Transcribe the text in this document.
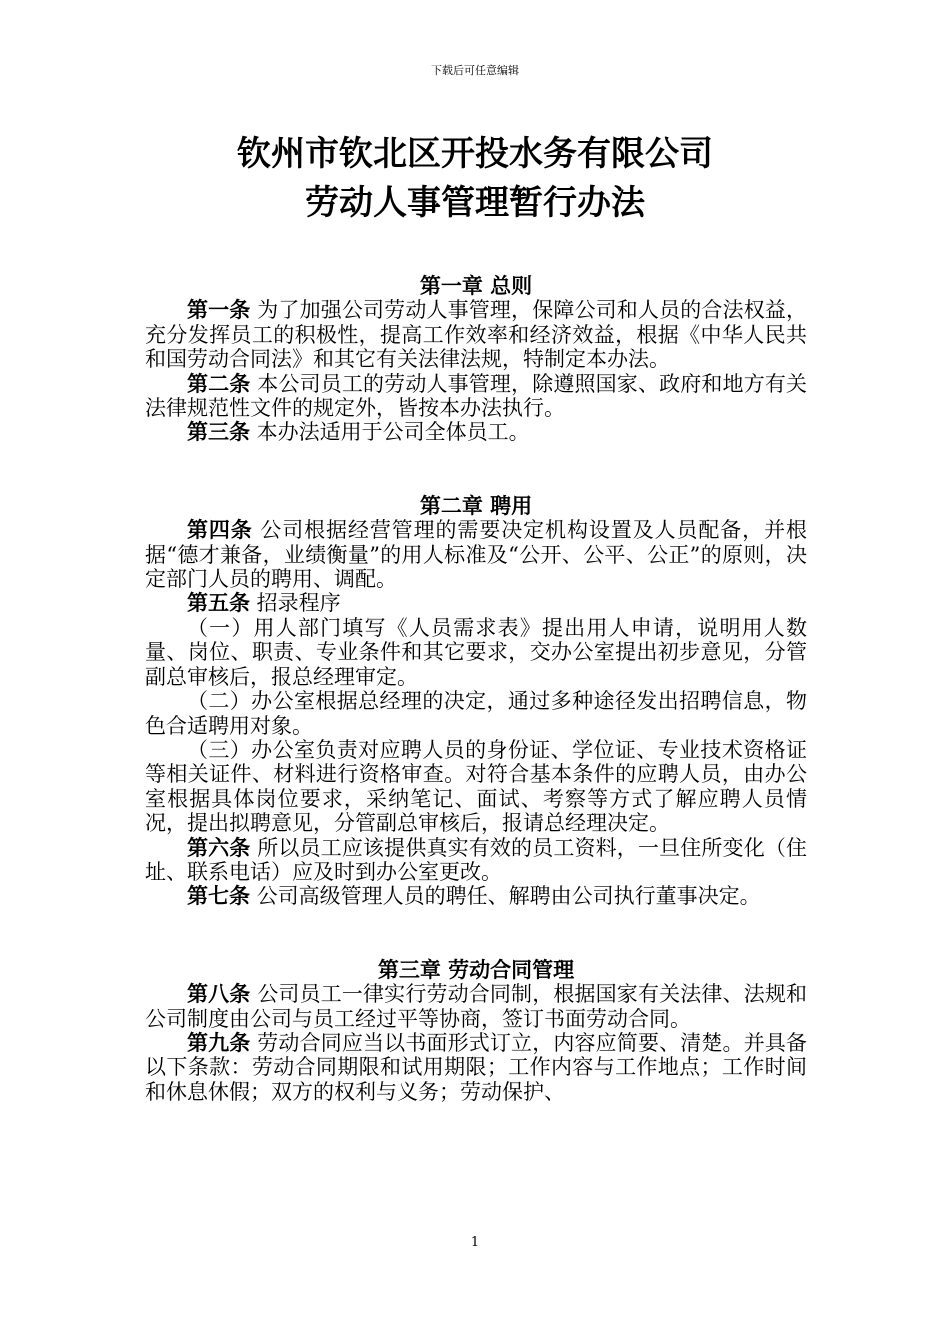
下载后可任意编辑
钦州市钦北区开投水务有限公司
劳动人事管理暂行办法

第一章 总则

第一条 为了加强公司劳动人事管理，保障公司和人员的合法权益，充分发挥员工的积极性，提高工作效率和经济效益，根据《中华人民共和国劳动合同法》和其它有关法律法规，特制定本办法。

第二条 本公司员工的劳动人事管理，除遵照国家、政府和地方有关法律规范性文件的规定外，皆按本办法执行。

第三条 本办法适用于公司全体员工。

第二章 聘用

第四条 公司根据经营管理的需要决定机构设置及人员配备，并根据“德才兼备，业绩衡量”的用人标准及“公开、公平、公正”的原则，决定部门人员的聘用、调配。

第五条 招录程序

（一）用人部门填写《人员需求表》提出用人申请，说明用人数量、岗位、职责、专业条件和其它要求，交办公室提出初步意见，分管副总审核后，报总经理审定。

（二）办公室根据总经理的决定，通过多种途径发出招聘信息，物色合适聘用对象。

（三）办公室负责对应聘人员的身份证、学位证、专业技术资格证等相关证件、材料进行资格审查。对符合基本条件的应聘人员，由办公室根据具体岗位要求，采纳笔记、面试、考察等方式了解应聘人员情况，提出拟聘意见，分管副总审核后，报请总经理决定。

第六条 所以员工应该提供真实有效的员工资料，一旦住所变化（住址、联系电话）应及时到办公室更改。

第七条 公司高级管理人员的聘任、解聘由公司执行董事决定。

第三章 劳动合同管理

第八条 公司员工一律实行劳动合同制，根据国家有关法律、法规和公司制度由公司与员工经过平等协商，签订书面劳动合同。

第九条 劳动合同应当以书面形式订立，内容应简要、清楚。并具备以下条款：劳动合同期限和试用期限；工作内容与工作地点；工作时间和休息休假；双方的权利与义务；劳动保护、

1
